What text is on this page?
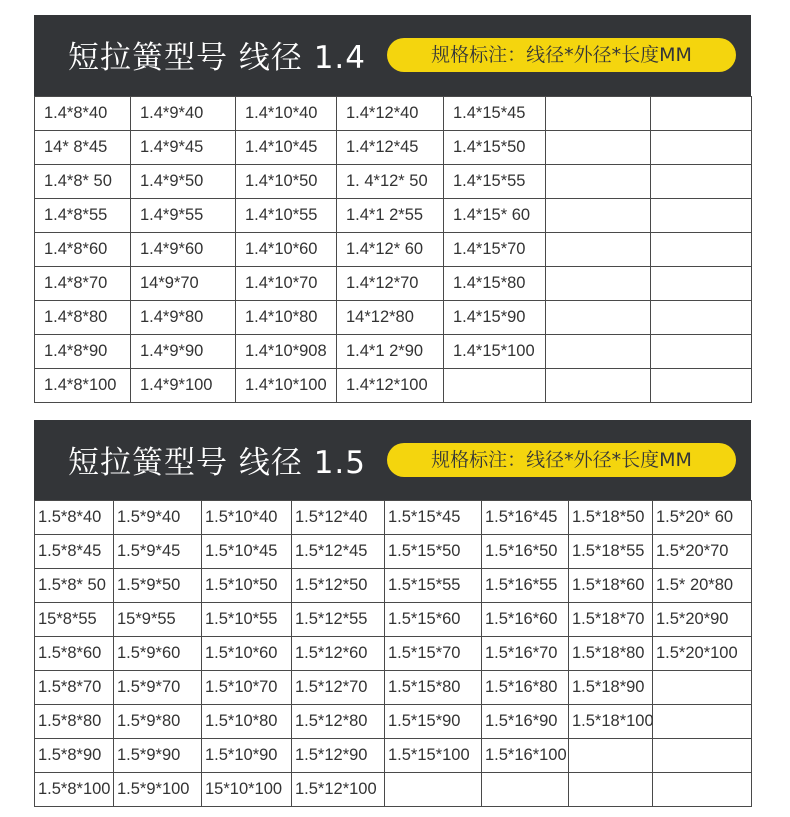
短拉簧型号 线径 1.4	规格标注：线径*外径*长度MM
1.4*8*40	1.4*9*40	1.4*10*40	1.4*12*40	1.4*15*45		
14* 8*45	1.4*9*45	1.4*10*45	1.4*12*45	1.4*15*50		
1.4*8* 50	1.4*9*50	1.4*10*50	1. 4*12* 50	1.4*15*55		
1.4*8*55	1.4*9*55	1.4*10*55	1.4*1 2*55	1.4*15* 60		
1.4*8*60	1.4*9*60	1.4*10*60	1.4*12* 60	1.4*15*70		
1.4*8*70	14*9*70	1.4*10*70	1.4*12*70	1.4*15*80		
1.4*8*80	1.4*9*80	1.4*10*80	14*12*80	1.4*15*90		
1.4*8*90	1.4*9*90	1.4*10*908	1.4*1 2*90	1.4*15*100		
1.4*8*100	1.4*9*100	1.4*10*100	1.4*12*100			
短拉簧型号 线径 1.5	规格标注：线径*外径*长度MM
1.5*8*40	1.5*9*40	1.5*10*40	1.5*12*40	1.5*15*45	1.5*16*45	1.5*18*50	1.5*20* 60
1.5*8*45	1.5*9*45	1.5*10*45	1.5*12*45	1.5*15*50	1.5*16*50	1.5*18*55	1.5*20*70
1.5*8* 50	1.5*9*50	1.5*10*50	1.5*12*50	1.5*15*55	1.5*16*55	1.5*18*60	1.5* 20*80
15*8*55	15*9*55	1.5*10*55	1.5*12*55	1.5*15*60	1.5*16*60	1.5*18*70	1.5*20*90
1.5*8*60	1.5*9*60	1.5*10*60	1.5*12*60	1.5*15*70	1.5*16*70	1.5*18*80	1.5*20*100
1.5*8*70	1.5*9*70	1.5*10*70	1.5*12*70	1.5*15*80	1.5*16*80	1.5*18*90	
1.5*8*80	1.5*9*80	1.5*10*80	1.5*12*80	1.5*15*90	1.5*16*90	1.5*18*100	
1.5*8*90	1.5*9*90	1.5*10*90	1.5*12*90	1.5*15*100	1.5*16*100		
1.5*8*100	1.5*9*100	15*10*100	1.5*12*100				
